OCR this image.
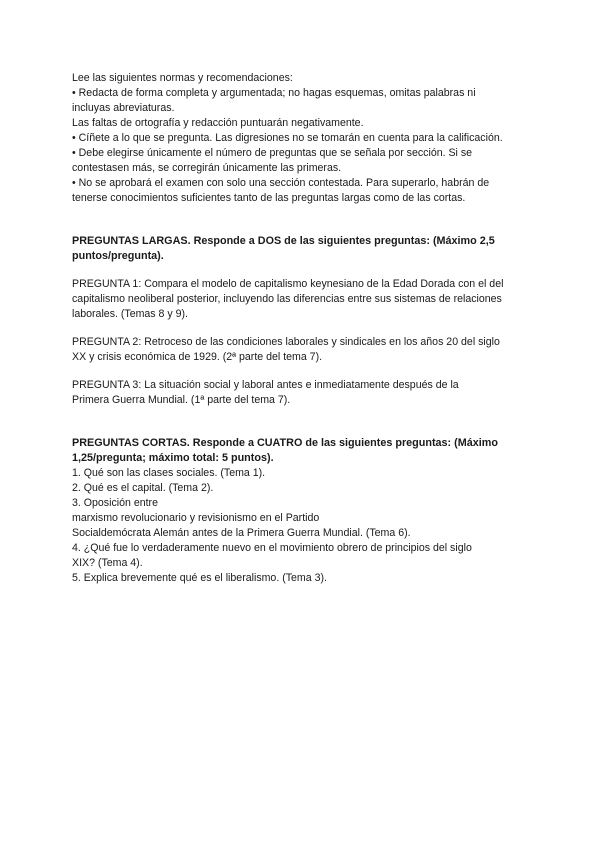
Lee las siguientes normas y recomendaciones:
• Redacta de forma completa y argumentada; no hagas esquemas, omitas palabras ni
incluyas abreviaturas.
Las faltas de ortografía y redacción puntuarán negativamente.
• Cíñete a lo que se pregunta. Las digresiones no se tomarán en cuenta para la calificación.
• Debe elegirse únicamente el número de preguntas que se señala por sección. Si se
contestasen más, se corregirán únicamente las primeras.
• No se aprobará el examen con solo una sección contestada. Para superarlo, habrán de
tenerse conocimientos suficientes tanto de las preguntas largas como de las cortas.
PREGUNTAS LARGAS. Responde a DOS de las siguientes preguntas: (Máximo 2,5
puntos/pregunta).
PREGUNTA 1: Compara el modelo de capitalismo keynesiano de la Edad Dorada con el del
capitalismo neoliberal posterior, incluyendo las diferencias entre sus sistemas de relaciones
laborales. (Temas 8 y 9).
PREGUNTA 2: Retroceso de las condiciones laborales y sindicales en los años 20 del siglo
XX y crisis económica de 1929. (2ª parte del tema 7).
PREGUNTA 3: La situación social y laboral antes e inmediatamente después de la
Primera Guerra Mundial. (1ª parte del tema 7).
PREGUNTAS CORTAS. Responde a CUATRO de las siguientes preguntas: (Máximo
1,25/pregunta; máximo total: 5 puntos).
1. Qué son las clases sociales. (Tema 1).
2. Qué es el capital. (Tema 2).
3. Oposición entre
marxismo revolucionario y revisionismo en el Partido
Socialdemócrata Alemán antes de la Primera Guerra Mundial. (Tema 6).
4. ¿Qué fue lo verdaderamente nuevo en el movimiento obrero de principios del siglo
XIX? (Tema 4).
5. Explica brevemente qué es el liberalismo. (Tema 3).
